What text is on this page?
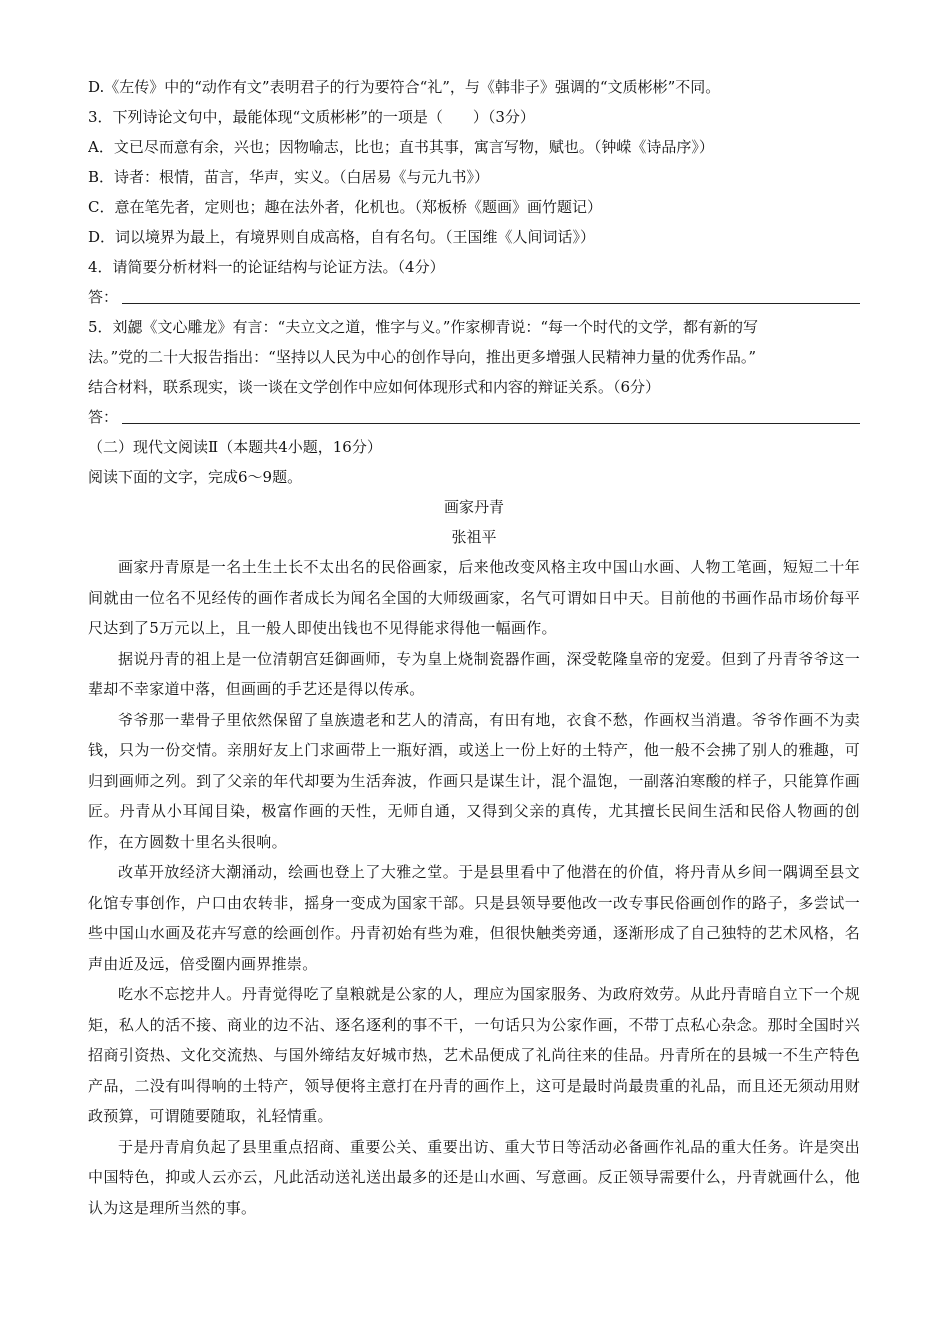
D.《左传》中的“动作有文”表明君子的行为要符合“礼”，与《韩非子》强调的“文质彬彬”不同。
3．下列诗论文句中，最能体现“文质彬彬”的一项是（　　）（3分）
A．文已尽而意有余，兴也；因物喻志，比也；直书其事，寓言写物，赋也。（钟嵘《诗品序》）
B．诗者：根情，苗言，华声，实义。（白居易《与元九书》）
C．意在笔先者，定则也；趣在法外者，化机也。（郑板桥《题画》画竹题记）
D．词以境界为最上，有境界则自成高格，自有名句。（王国维《人间词话》）
4．请简要分析材料一的论证结构与论证方法。（4分）
答：
5．刘勰《文心雕龙》有言：“夫立文之道，惟字与义。”作家柳青说：“每一个时代的文学，都有新的写
法。”党的二十大报告指出：“坚持以人民为中心的创作导向，推出更多增强人民精神力量的优秀作品。”
结合材料，联系现实，谈一谈在文学创作中应如何体现形式和内容的辩证关系。（6分）
答：
（二）现代文阅读Ⅱ（本题共4小题，16分）
阅读下面的文字，完成6～9题。
画家丹青
张祖平

画家丹青原是一名土生土长不太出名的民俗画家，后来他改变风格主攻中国山水画、人物工笔画，短短二十年间就由一位名不见经传的画作者成长为闻名全国的大师级画家，名气可谓如日中天。目前他的书画作品市场价每平尺达到了5万元以上，且一般人即使出钱也不见得能求得他一幅画作。

据说丹青的祖上是一位清朝宫廷御画师，专为皇上烧制瓷器作画，深受乾隆皇帝的宠爱。但到了丹青爷爷这一辈却不幸家道中落，但画画的手艺还是得以传承。

爷爷那一辈骨子里依然保留了皇族遗老和艺人的清高，有田有地，衣食不愁，作画权当消遣。爷爷作画不为卖钱，只为一份交情。亲朋好友上门求画带上一瓶好酒，或送上一份上好的土特产，他一般不会拂了别人的雅趣，可归到画师之列。到了父亲的年代却要为生活奔波，作画只是谋生计，混个温饱，一副落泊寒酸的样子，只能算作画匠。丹青从小耳闻目染，极富作画的天性，无师自通，又得到父亲的真传，尤其擅长民间生活和民俗人物画的创作，在方圆数十里名头很响。

改革开放经济大潮涌动，绘画也登上了大雅之堂。于是县里看中了他潜在的价值，将丹青从乡间一隅调至县文化馆专事创作，户口由农转非，摇身一变成为国家干部。只是县领导要他改一改专事民俗画创作的路子，多尝试一些中国山水画及花卉写意的绘画创作。丹青初始有些为难，但很快触类旁通，逐渐形成了自己独特的艺术风格，名声由近及远，倍受圈内画界推崇。

吃水不忘挖井人。丹青觉得吃了皇粮就是公家的人，理应为国家服务、为政府效劳。从此丹青暗自立下一个规矩，私人的活不接、商业的边不沾、逐名逐利的事不干，一句话只为公家作画，不带丁点私心杂念。那时全国时兴招商引资热、文化交流热、与国外缔结友好城市热，艺术品便成了礼尚往来的佳品。丹青所在的县城一不生产特色产品，二没有叫得响的土特产，领导便将主意打在丹青的画作上，这可是最时尚最贵重的礼品，而且还无须动用财政预算，可谓随要随取，礼轻情重。

于是丹青肩负起了县里重点招商、重要公关、重要出访、重大节日等活动必备画作礼品的重大任务。许是突出中国特色，抑或人云亦云，凡此活动送礼送出最多的还是山水画、写意画。反正领导需要什么，丹青就画什么，他认为这是理所当然的事。
